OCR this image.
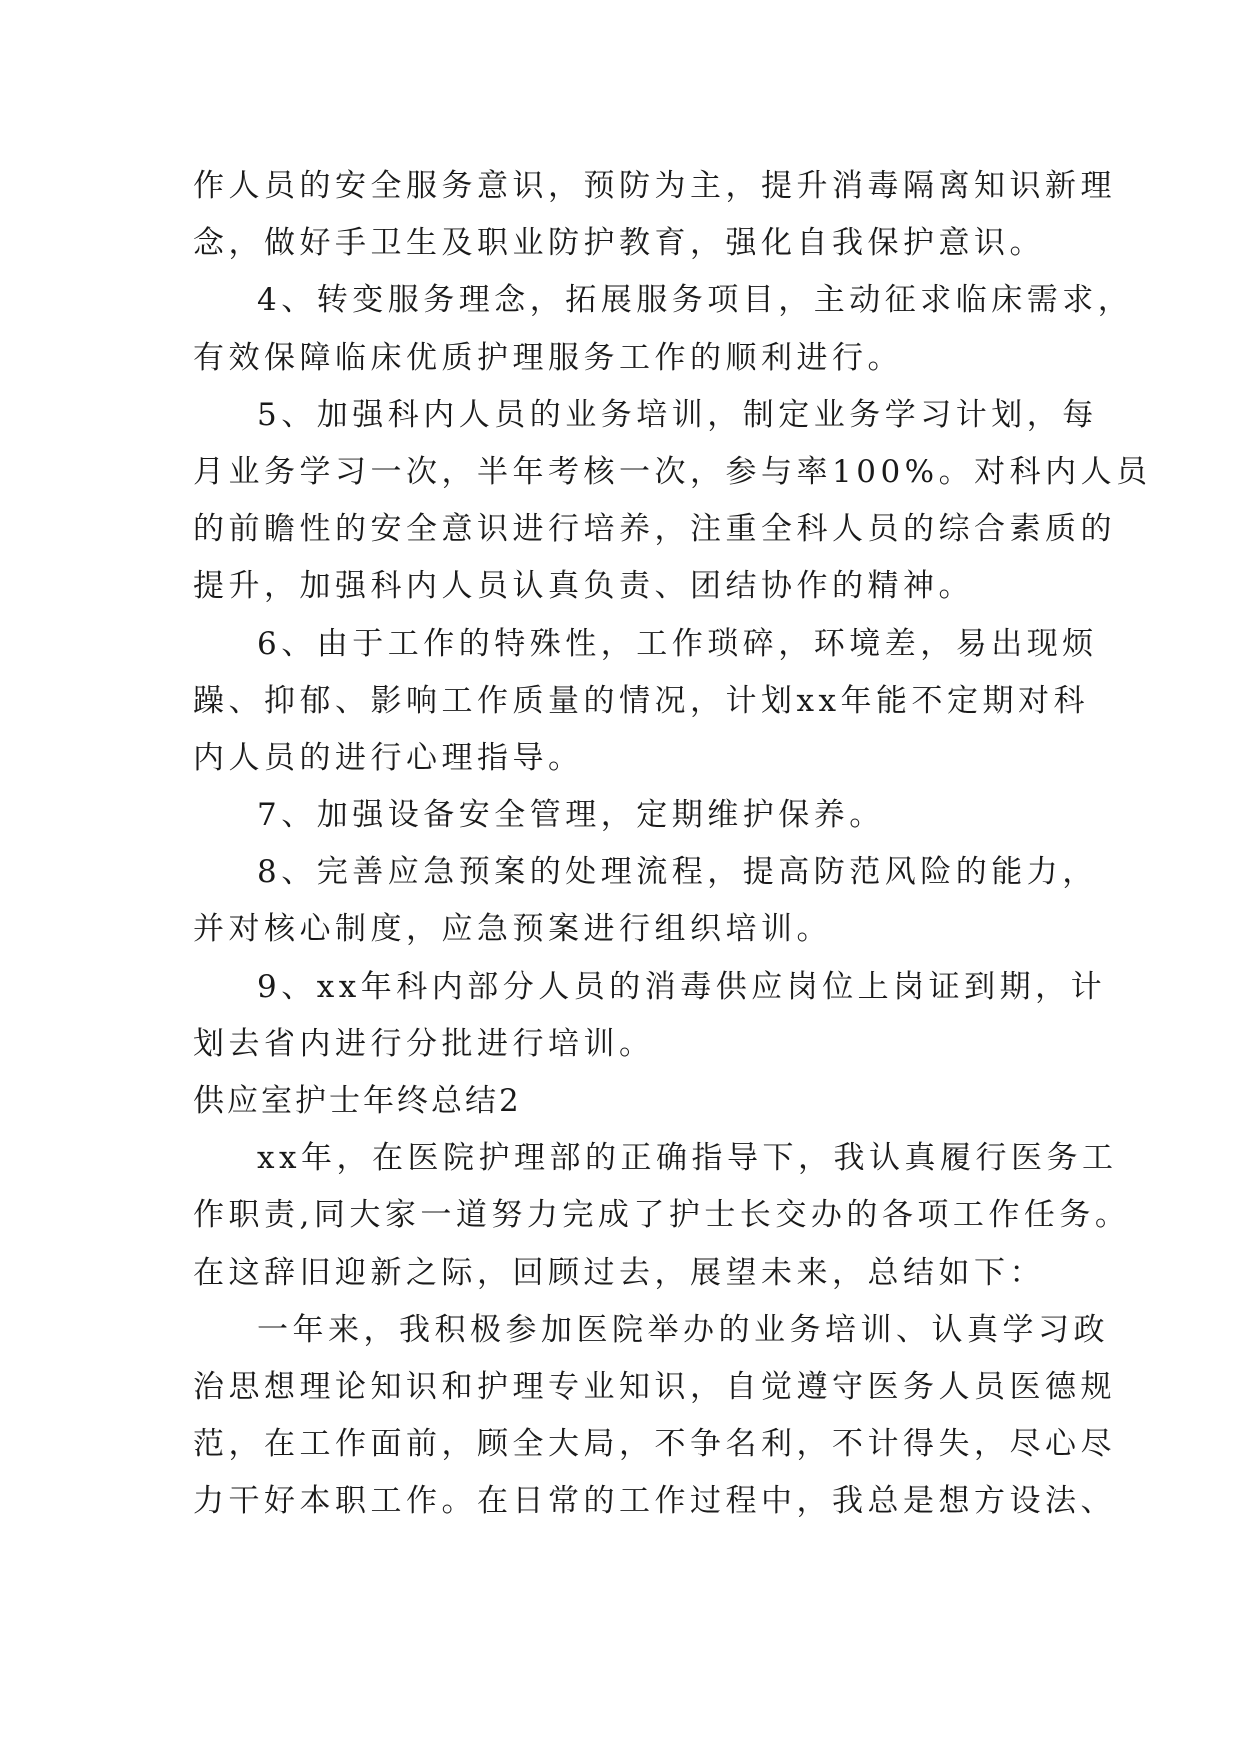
作人员的安全服务意识，预防为主，提升消毒隔离知识新理
念，做好手卫生及职业防护教育，强化自我保护意识。
4、转变服务理念，拓展服务项目，主动征求临床需求，
有效保障临床优质护理服务工作的顺利进行。
5、加强科内人员的业务培训，制定业务学习计划，每
月业务学习一次，半年考核一次，参与率100%。对科内人员
的前瞻性的安全意识进行培养，注重全科人员的综合素质的
提升，加强科内人员认真负责、团结协作的精神。
6、由于工作的特殊性，工作琐碎，环境差，易出现烦
躁、抑郁、影响工作质量的情况，计划xx年能不定期对科
内人员的进行心理指导。
7、加强设备安全管理，定期维护保养。
8、完善应急预案的处理流程，提高防范风险的能力，
并对核心制度，应急预案进行组织培训。
9、xx年科内部分人员的消毒供应岗位上岗证到期，计
划去省内进行分批进行培训。
供应室护士年终总结2
xx年，在医院护理部的正确指导下，我认真履行医务工
作职责,同大家一道努力完成了护士长交办的各项工作任务。
在这辞旧迎新之际，回顾过去，展望未来，总结如下：
一年来，我积极参加医院举办的业务培训、认真学习政
治思想理论知识和护理专业知识，自觉遵守医务人员医德规
范，在工作面前，顾全大局，不争名利，不计得失，尽心尽
力干好本职工作。在日常的工作过程中，我总是想方设法、
